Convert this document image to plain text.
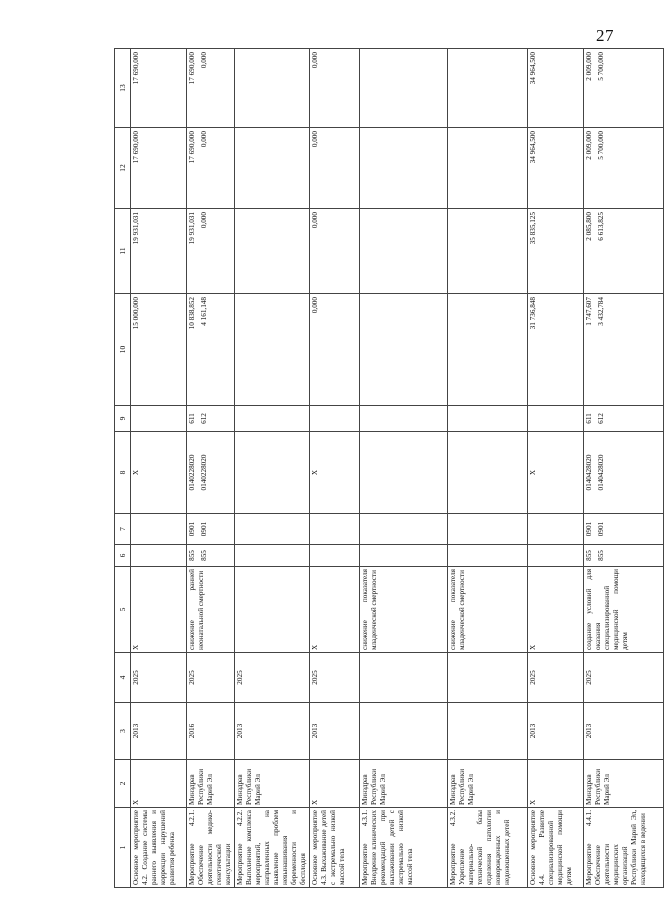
27
1	2	3	4	5	6	7	8	9	10	11	12	13
Основное мероприятие 4.2. Создание системы раннего выявления и коррекции нарушений развития ребенка	X	2013	2025	X			X		15 000,000	19 931,031	17 690,000	17 690,000
Мероприятие 4.2.1. Обеспечение деятельности медико-генетической консультации	Минздрав Республики Марий Эл	2016	2025	снижение ранней неонатальной смертности	855 855	0901 0901	0140228020 0140228020	611 612	10 838,852 4 161,148	19 931,031 0,000	17 690,000 0,000	17 690,000 0,000

Мероприятие 4.2.2. Выполнение комплекса мероприятий, направленных на выявление проблем невынашивания беременности и бесплодия	Минздрав Республики Марий Эл	2013	2025									
Основное мероприятие 4.3. Выхаживание детей с экстремально низкой массой тела	X	2013	2025	X			X		0,000	0,000	0,000	0,000
Мероприятие 4.3.1. Внедрение клинических рекомендаций при выхаживании детей с экстремально низкой массой тела	Минздрав Республики Марий Эл			снижение показателя младенческой смертности								
Мероприятие 4.3.2. Укрепление материально-технической базы отделения патологии новорожденных и недоношенных детей	Минздрав Республики Марий Эл			снижение показателя младенческой смертности								
Основное мероприятие 4.4. Развитие специализированной медицинской помощи детям	X	2013	2025	X			X		31 736,848	35 835,125	34 964,500	34 964,500
Мероприятие 4.4.1. Обеспечение деятельности медицинских организаций Республики Марий Эл, находящихся в ведении	Минздрав Республики Марий Эл	2013	2025	создание условий для оказания специализированной медицинской помощи детям	855 855	0901 0901	0140428020 0140428020	611 612	1 747,607 3 432,784	2 085,800 6 613,825	2 009,000 5 700,000	2 009,000 5 700,000
